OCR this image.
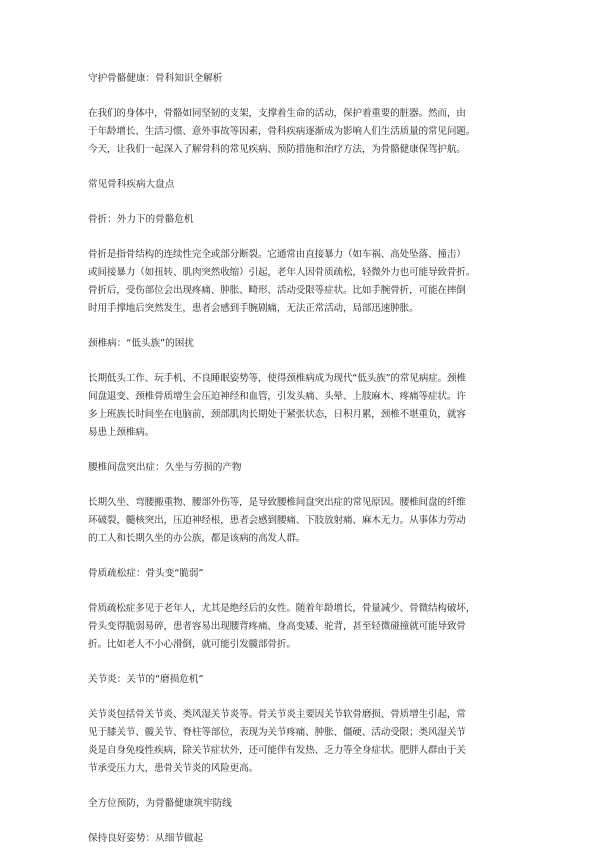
守护骨骼健康：骨科知识全解析

在我们的身体中，骨骼如同坚韧的支架，支撑着生命的活动，保护着重要的脏器。然而，由

于年龄增长、生活习惯、意外事故等因素，骨科疾病逐渐成为影响人们生活质量的常见问题。

今天，让我们一起深入了解骨科的常见疾病、预防措施和治疗方法，为骨骼健康保驾护航。

常见骨科疾病大盘点

骨折：外力下的骨骼危机

骨折是指骨结构的连续性完全或部分断裂。它通常由直接暴力（如车祸、高处坠落、撞击）

或间接暴力（如扭转、肌肉突然收缩）引起，老年人因骨质疏松，轻微外力也可能导致骨折。

骨折后，受伤部位会出现疼痛、肿胀、畸形、活动受限等症状。比如手腕骨折，可能在摔倒

时用手撑地后突然发生，患者会感到手腕剧痛，无法正常活动，局部迅速肿胀。

颈椎病：“低头族”的困扰

长期低头工作、玩手机、不良睡眠姿势等，使得颈椎病成为现代“低头族”的常见病症。颈椎

间盘退变、颈椎骨质增生会压迫神经和血管，引发头痛、头晕、上肢麻木、疼痛等症状。许

多上班族长时间坐在电脑前，颈部肌肉长期处于紧张状态，日积月累，颈椎不堪重负，就容

易患上颈椎病。

腰椎间盘突出症：久坐与劳损的产物

长期久坐、弯腰搬重物、腰部外伤等，是导致腰椎间盘突出症的常见原因。腰椎间盘的纤维

环破裂，髓核突出，压迫神经根，患者会感到腰痛、下肢放射痛、麻木无力。从事体力劳动

的工人和长期久坐的办公族，都是该病的高发人群。

骨质疏松症：骨头变“脆弱”

骨质疏松症多见于老年人，尤其是绝经后的女性。随着年龄增长，骨量减少、骨微结构破坏，

骨头变得脆弱易碎，患者容易出现腰背疼痛、身高变矮、驼背，甚至轻微碰撞就可能导致骨

折。比如老人不小心滑倒，就可能引发髋部骨折。

关节炎：关节的“磨损危机”

关节炎包括骨关节炎、类风湿关节炎等。骨关节炎主要因关节软骨磨损、骨质增生引起，常

见于膝关节、髋关节、脊柱等部位，表现为关节疼痛、肿胀、僵硬、活动受限；类风湿关节

炎是自身免疫性疾病，除关节症状外，还可能伴有发热、乏力等全身症状。肥胖人群由于关

节承受压力大，患骨关节炎的风险更高。

全方位预防，为骨骼健康筑牢防线

保持良好姿势：从细节做起
